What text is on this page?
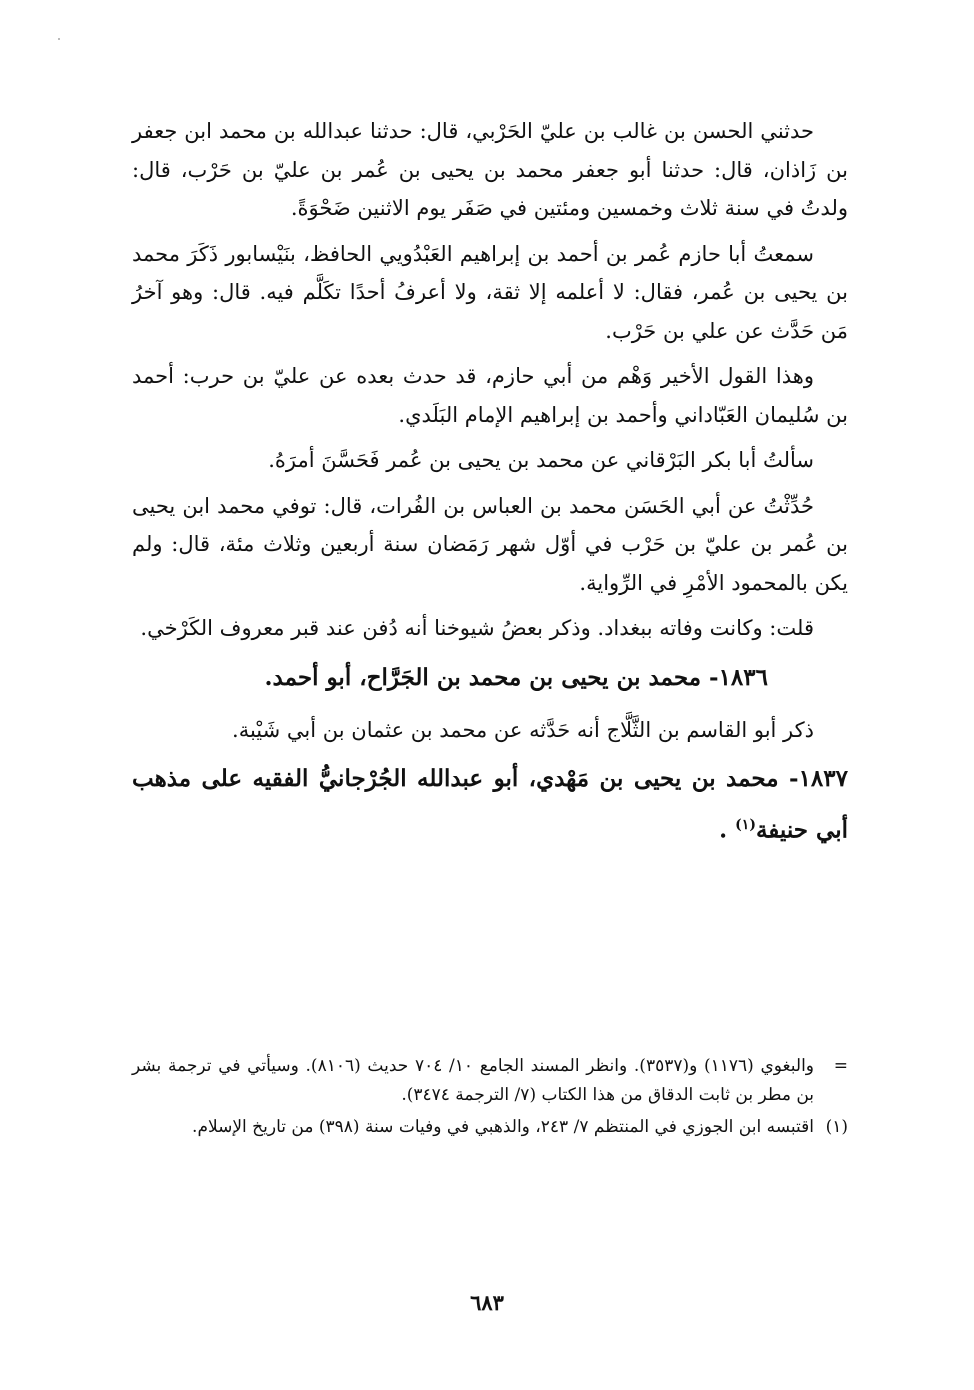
حدثني الحسن بن غالب بن عليّ الحَرْبي، قال: حدثنا عبدالله بن محمد ابن جعفر بن زَاذان، قال: حدثنا أبو جعفر محمد بن يحيى بن عُمر بن عليّ بن حَرْب، قال: ولدتُ في سنة ثلاث وخمسين ومئتين في صَفَر يوم الاثنين ضَحْوَةً.

سمعتُ أبا حازم عُمر بن أحمد بن إبراهيم العَبْدُويي الحافظ، بنَيْسابور ذَكَرَ محمد بن يحيى بن عُمر، فقال: لا أعلمه إلا ثقة، ولا أعرفُ أحدًا تكَلَّم فيه. قال: وهو آخرُ مَن حَدَّث عن علي بن حَرْب.

وهذا القول الأخير وَهْم من أبي حازم، قد حدث بعده عن عليّ بن حرب: أحمد بن سُليمان العَبّاداني وأحمد بن إبراهيم الإمام البَلَدي.

سألتُ أبا بكر البَرْقاني عن محمد بن يحيى بن عُمر فَحَسَّنَ أمرَهُ.

حُدِّثْتُ عن أبي الحَسَن محمد بن العباس بن الفُرات، قال: توفي محمد ابن يحيى بن عُمر بن عليّ بن حَرْب في أوّل شهر رَمَضان سنة أربعين وثلاث مئة، قال: ولم يكن بالمحمود الأمْرِ في الرِّواية.

قلت: وكانت وفاته ببغداد. وذكر بعضُ شيوخنا أنه دُفن عند قبر معروف الكَرْخي.

١٨٣٦- محمد بن يحيى بن محمد بن الجَرَّاح، أبو أحمد.

ذكر أبو القاسم بن الثَّلَّاج أنه حَدَّثه عن محمد بن عثمان بن أبي شَيْبة.

١٨٣٧- محمد بن يحيى بن مَهْدي، أبو عبدالله الجُرْجانيُّ الفقيه على مذهب أبي حنيفة$^{(١)}$ .

=
والبغوي (١١٧٦) و(٣٥٣٧). وانظر المسند الجامع ١٠/ ٧٠٤ حديث (٨١٠٦). وسيأتي في ترجمة بشر بن مطر بن ثابت الدقاق من هذا الكتاب (٧/ الترجمة ٣٤٧٤).
(١)
اقتبسه ابن الجوزي في المنتظم ٧/ ٢٤٣، والذهبي في وفيات سنة (٣٩٨) من تاريخ الإسلام.
٦٨٣
